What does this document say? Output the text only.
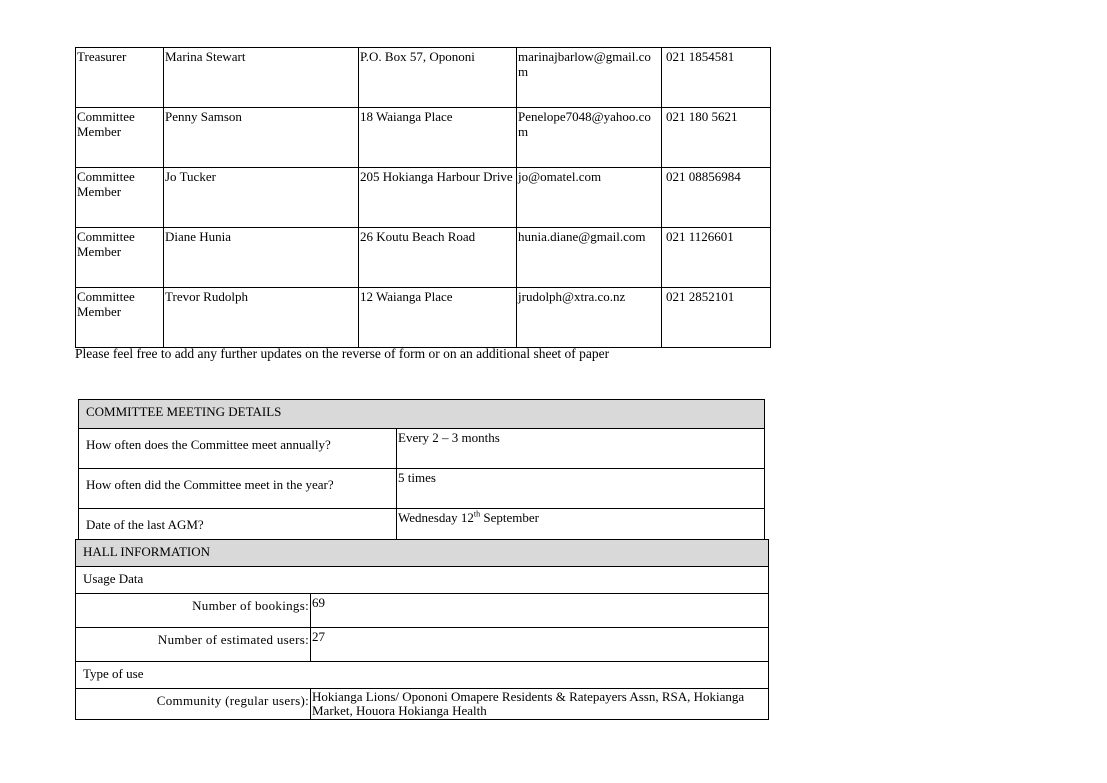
Treasurer	Marina Stewart	P.O. Box 57, Opononi	marinajbarlow@gmail.com	021 1854581
Committee Member	Penny Samson	18 Waianga Place	Penelope7048@yahoo.com	021 180 5621
Committee Member	Jo Tucker	205 Hokianga Harbour Drive	jo@omatel.com	021 08856984
Committee Member	Diane Hunia	26 Koutu Beach Road	hunia.diane@gmail.com	021 1126601
Committee Member	Trevor Rudolph	12 Waianga Place	jrudolph@xtra.co.nz	021 2852101
Please feel free to add any further updates on the reverse of form or on an additional sheet of paper
COMMITTEE MEETING DETAILS	
How often does the Committee meet annually?	Every 2 – 3 months
How often did the Committee meet in the year?	5 times
Date of the last AGM?	Wednesday 12th September
HALL INFORMATION	
Usage Data	
Number of bookings:	69
Number of estimated users:	27
Type of use	
Community (regular users):	Hokianga Lions/ Opononi Omapere Residents & Ratepayers Assn, RSA, Hokianga Market, Houora Hokianga Health
